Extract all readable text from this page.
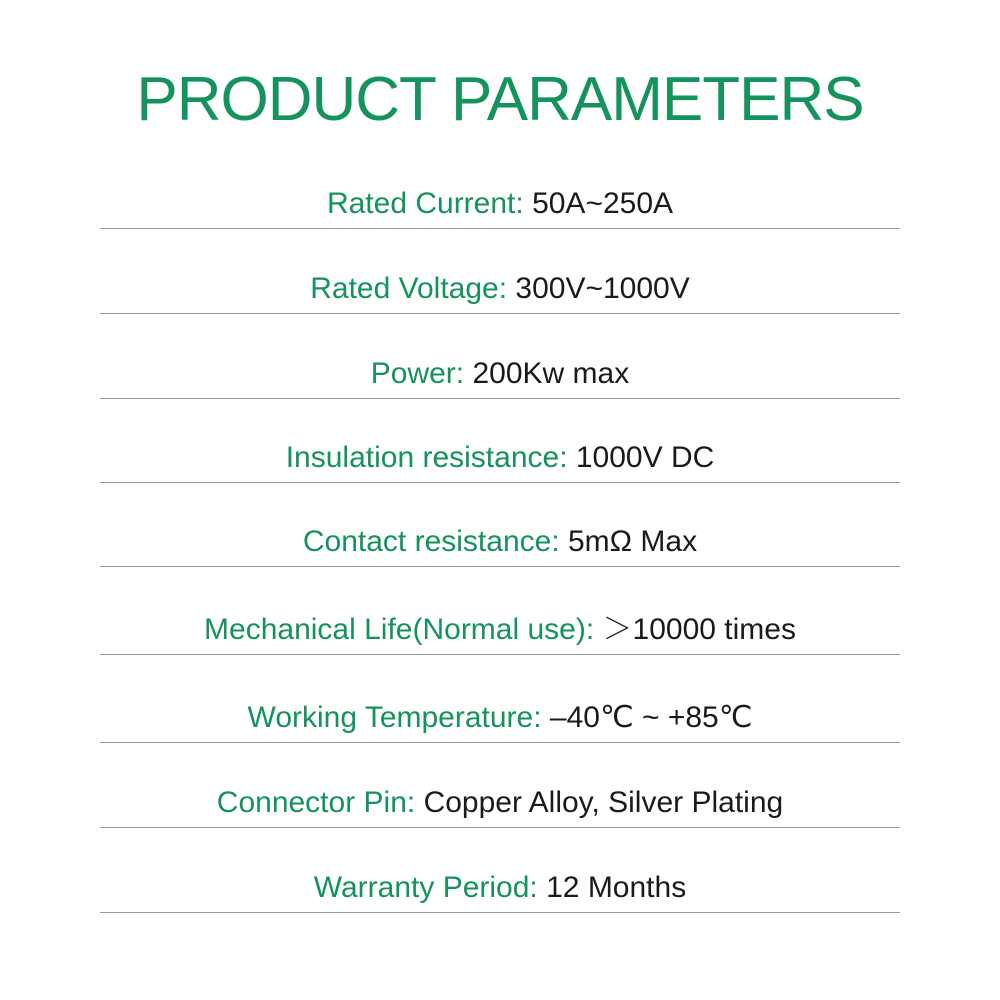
PRODUCT PARAMETERS
Rated Current: 50A~250A
Rated Voltage: 300V~1000V
Power: 200Kw max
Insulation resistance: 1000V DC
Contact resistance: 5mΩ Max
Mechanical Life(Normal use): ＞10000 times
Working Temperature: –40℃ ~ +85℃
Connector Pin: Copper Alloy, Silver Plating
Warranty Period: 12 Months
